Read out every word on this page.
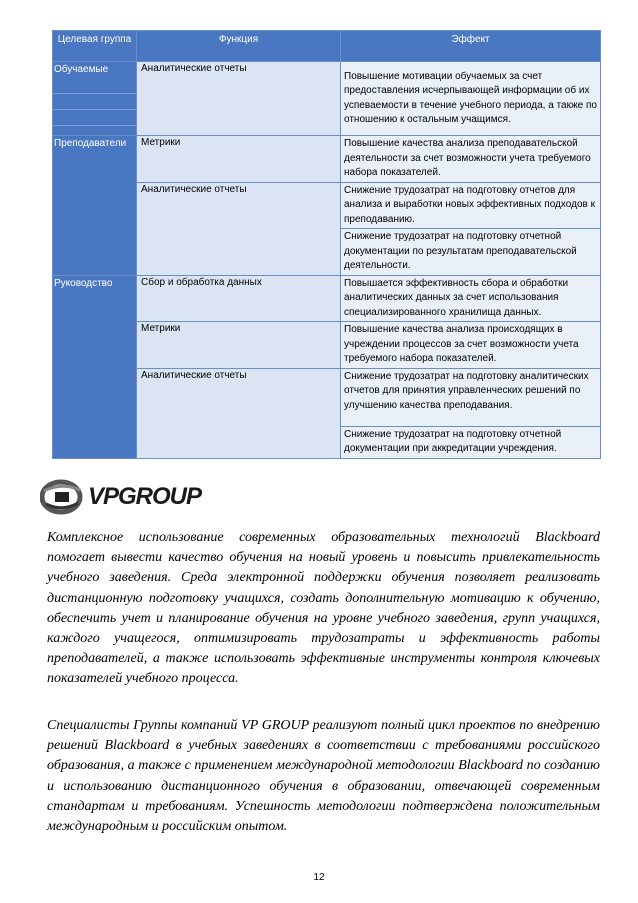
Целевая группа	Функция	Эффект

Обучаемые	Аналитические отчеты	Повышение мотивации обучаемых за счет предоставления исчерпывающей информации об их успеваемости в течение учебного периода, а также по отношению к остальным учащимся.

Преподаватели	Метрики	Повышение качества анализа преподавательской деятельности за счет возможности учета требуемого набора показателей.
	Аналитические отчеты	Снижение трудозатрат на подготовку отчетов для анализа и выработки новых эффективных подходов к преподаванию.
		Снижение трудозатрат на подготовку отчетной документации по результатам преподавательской деятельности.

Руководство	Сбор и обработка данных	Повышается эффективность сбора и обработки аналитических данных за счет использования специализированного хранилища данных.
	Метрики	Повышение качества анализа происходящих в учреждении процессов за счет возможности учета требуемого набора показателей.
	Аналитические отчеты	Снижение трудозатрат на подготовку аналитических отчетов для принятия управленческих решений по улучшению качества преподавания.
		Снижение трудозатрат на подготовку отчетной документации при аккредитации учреждения.
VPGROUP

Комплексное использование современных образовательных технологий Blackboard помогает вывести качество обучения на новый уровень и повысить привлекательность учебного заведения. Среда электронной поддержки обучения позволяет реализовать дистанционную подготовку учащихся, создать дополнительную мотивацию к обучению, обеспечить учет и планирование обучения на уровне учебного заведения, групп учащихся, каждого учащегося, оптимизировать трудозатраты и эффективность работы преподавателей, а также использовать эффективные инструменты контроля ключевых показателей учебного процесса.

Специалисты Группы компаний VP GROUP реализуют полный цикл проектов по внедрению решений Blackboard в учебных заведениях в соответствии с требованиями российского образования, а также с применением международной методологии Blackboard по созданию и использованию дистанционного обучения в образовании, отвечающей современным стандартам и требованиям. Успешность методологии подтверждена положительным международным и российским опытом.

12
